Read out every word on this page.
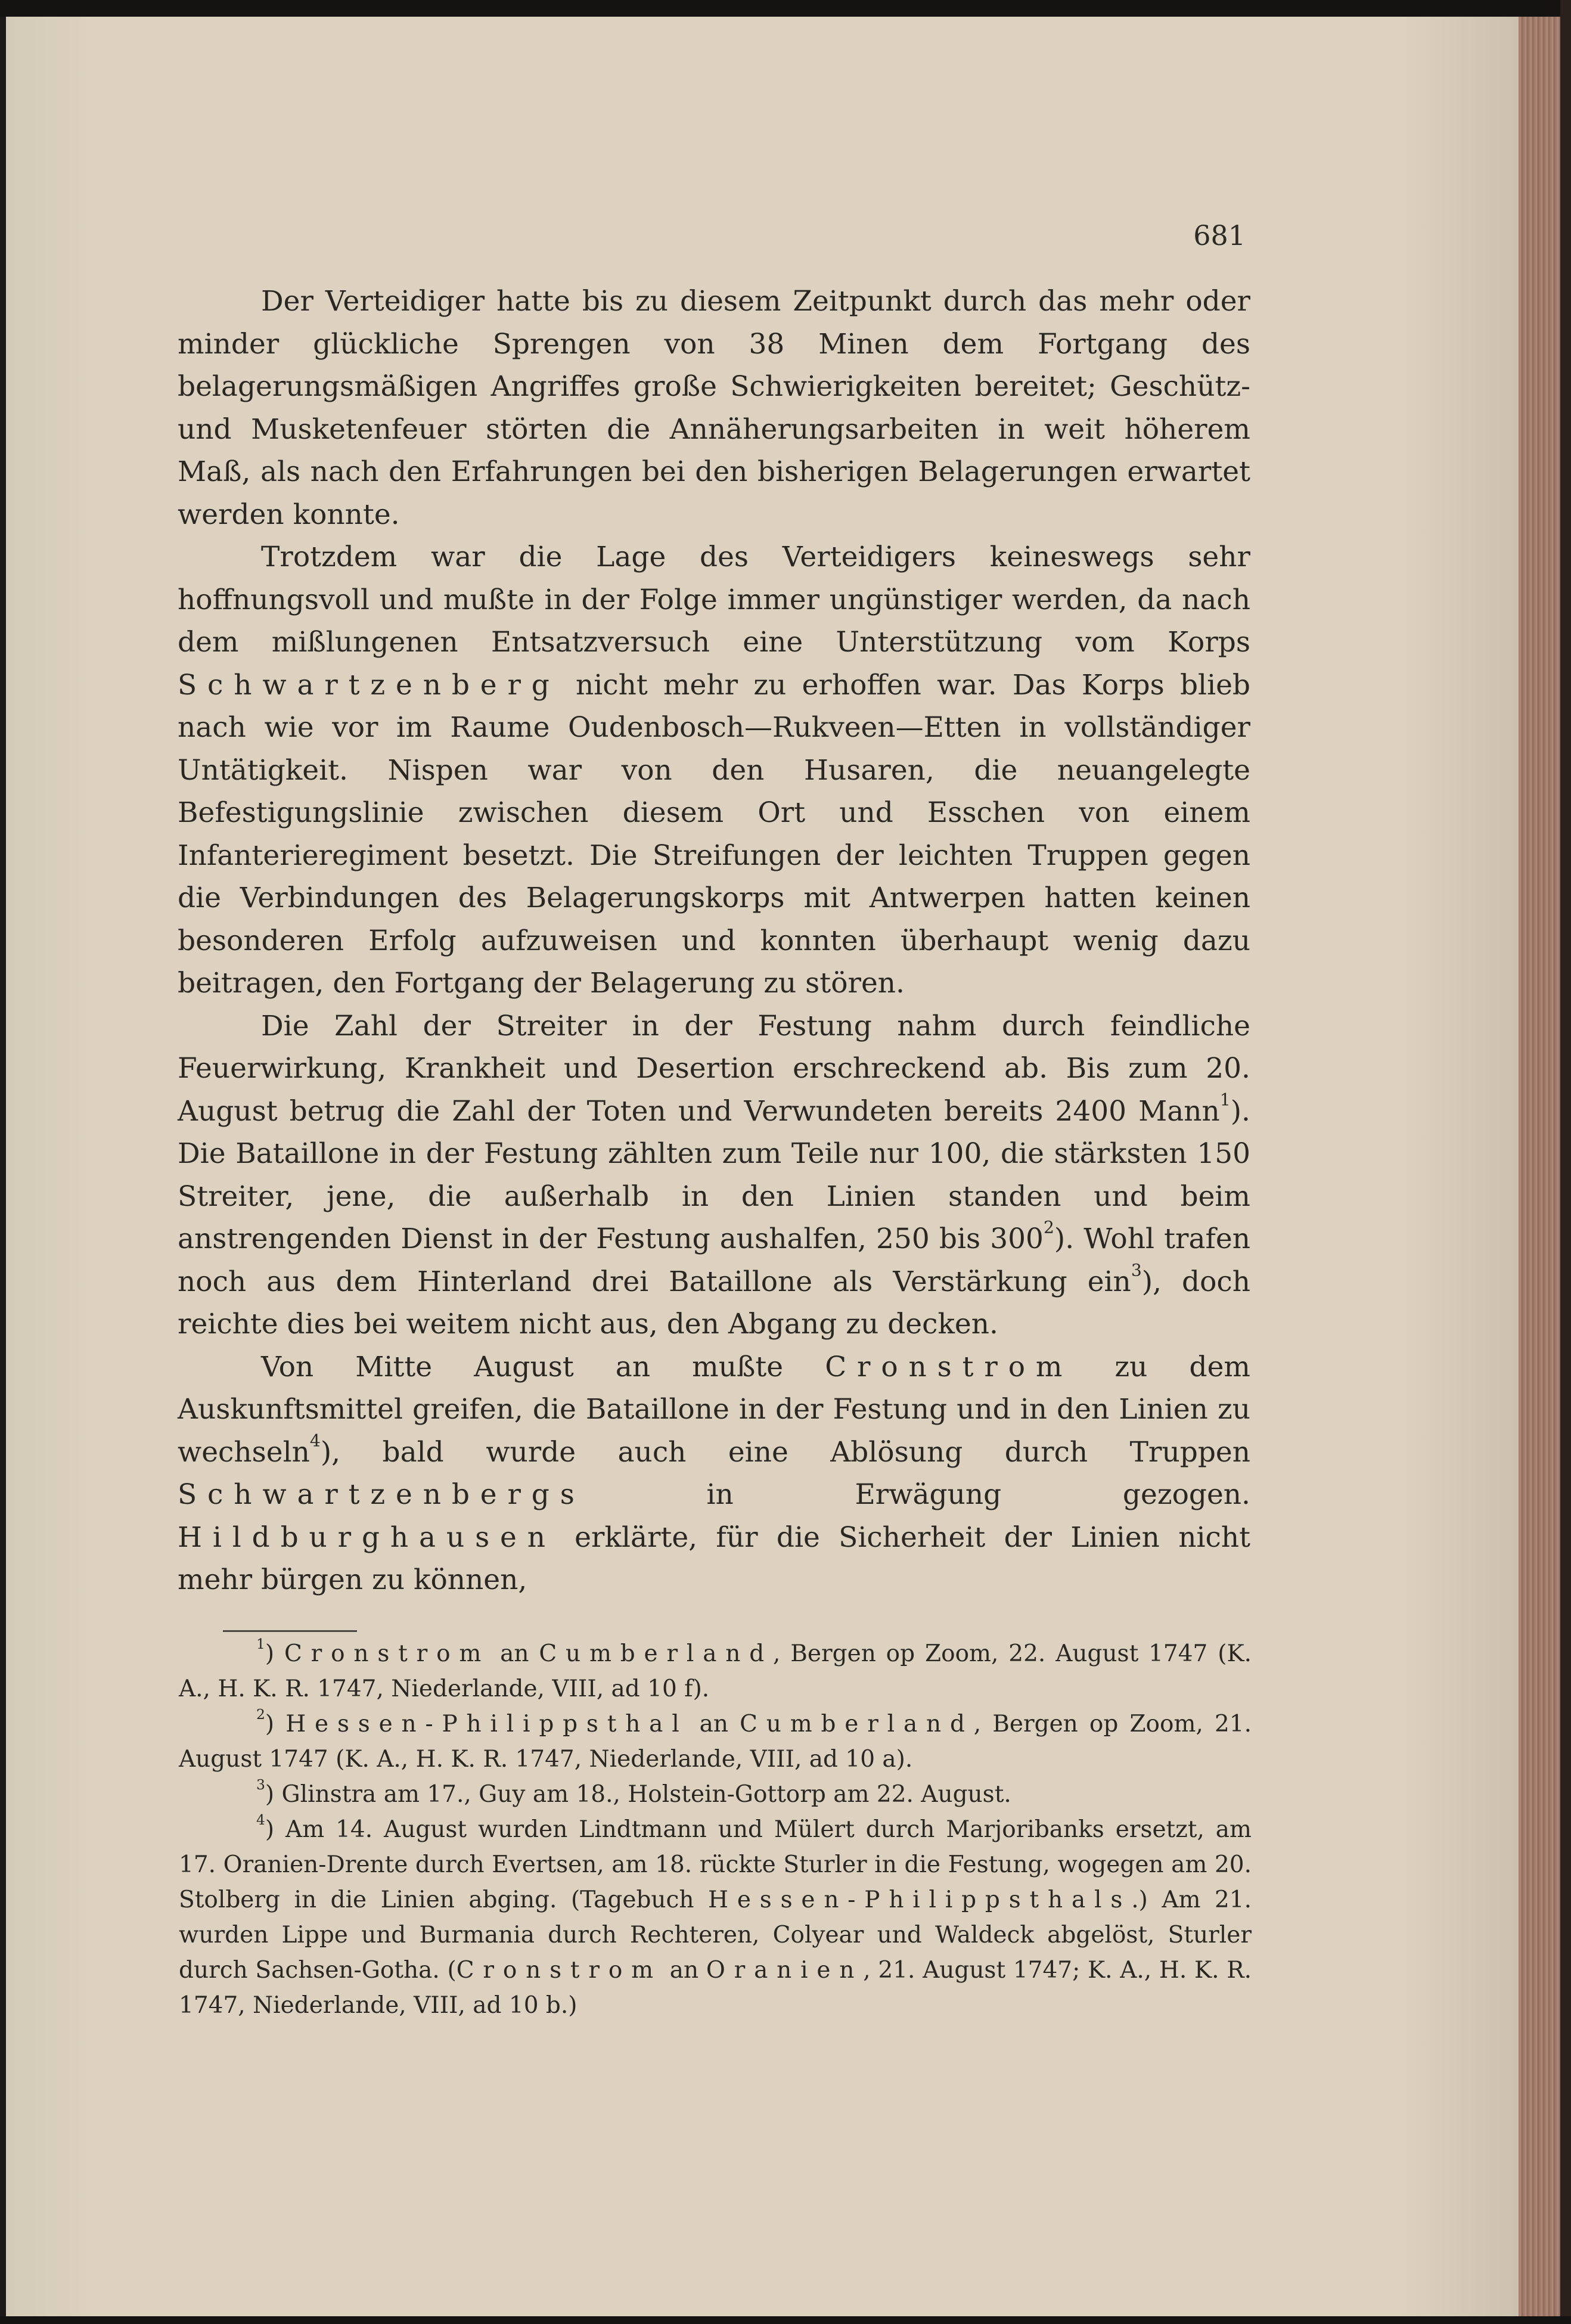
681

Der Verteidiger hatte bis zu diesem Zeitpunkt durch das mehr oder minder glückliche Sprengen von 38 Minen dem Fortgang des belagerungsmäßigen Angriffes große Schwierigkeiten bereitet; Geschütz- und Musketenfeuer störten die Annäherungsarbeiten in weit höherem Maß, als nach den Erfahrungen bei den bisherigen Belagerungen erwartet werden konnte.

Trotzdem war die Lage des Verteidigers keineswegs sehr hoffnungsvoll und mußte in der Folge immer ungünstiger werden, da nach dem mißlungenen Entsatzversuch eine Unterstützung vom Korps Schwartzenberg nicht mehr zu erhoffen war. Das Korps blieb nach wie vor im Raume Oudenbosch—Rukveen—Etten in vollständiger Untätigkeit. Nispen war von den Husaren, die neuangelegte Befestigungslinie zwischen diesem Ort und Esschen von einem Infanterieregiment besetzt. Die Streifungen der leichten Truppen gegen die Verbindungen des Belagerungskorps mit Antwerpen hatten keinen besonderen Erfolg aufzuweisen und konnten überhaupt wenig dazu beitragen, den Fortgang der Belagerung zu stören.

Die Zahl der Streiter in der Festung nahm durch feindliche Feuerwirkung, Krankheit und Desertion erschreckend ab. Bis zum 20. August betrug die Zahl der Toten und Verwundeten bereits 2400 Mann$^1$). Die Bataillone in der Festung zählten zum Teile nur 100, die stärksten 150 Streiter, jene, die außerhalb in den Linien standen und beim anstrengenden Dienst in der Festung aushalfen, 250 bis $300^2$). Wohl trafen noch aus dem Hinterland drei Bataillone als Verstärkung ein$^3$), doch reichte dies bei weitem nicht aus, den Abgang zu decken.

Von Mitte August an mußte Cronstrom zu dem Auskunftsmittel greifen, die Bataillone in der Festung und in den Linien zu wechseln$^4$), bald wurde auch eine Ablösung durch Truppen Schwartzenbergs in Erwägung gezogen. Hildburghausen erklärte, für die Sicherheit der Linien nicht mehr bürgen zu können,

$^1$) Cronstrom an Cumberland, Bergen op Zoom, 22. August 1747 (K. A., H. K. R. 1747, Niederlande, VIII, ad 10 f).

$^2$) Hessen-Philippsthal an Cumberland, Bergen op Zoom, 21. August 1747 (K. A., H. K. R. 1747, Niederlande, VIII, ad 10 a).

$^3$) Glinstra am 17., Guy am 18., Holstein-Gottorp am 22. August.

$^4$) Am 14. August wurden Lindtmann und Mülert durch Marjoribanks ersetzt, am 17. Oranien-Drente durch Evertsen, am 18. rückte Sturler in die Festung, wogegen am 20. Stolberg in die Linien abging. (Tagebuch Hessen-Philippsthals.) Am 21. wurden Lippe und Burmania durch Rechteren, Colyear und Waldeck abgelöst, Sturler durch Sachsen-Gotha. (Cronstrom an Oranien, 21. August 1747; K. A., H. K. R. 1747, Niederlande, VIII, ad 10 b.)
